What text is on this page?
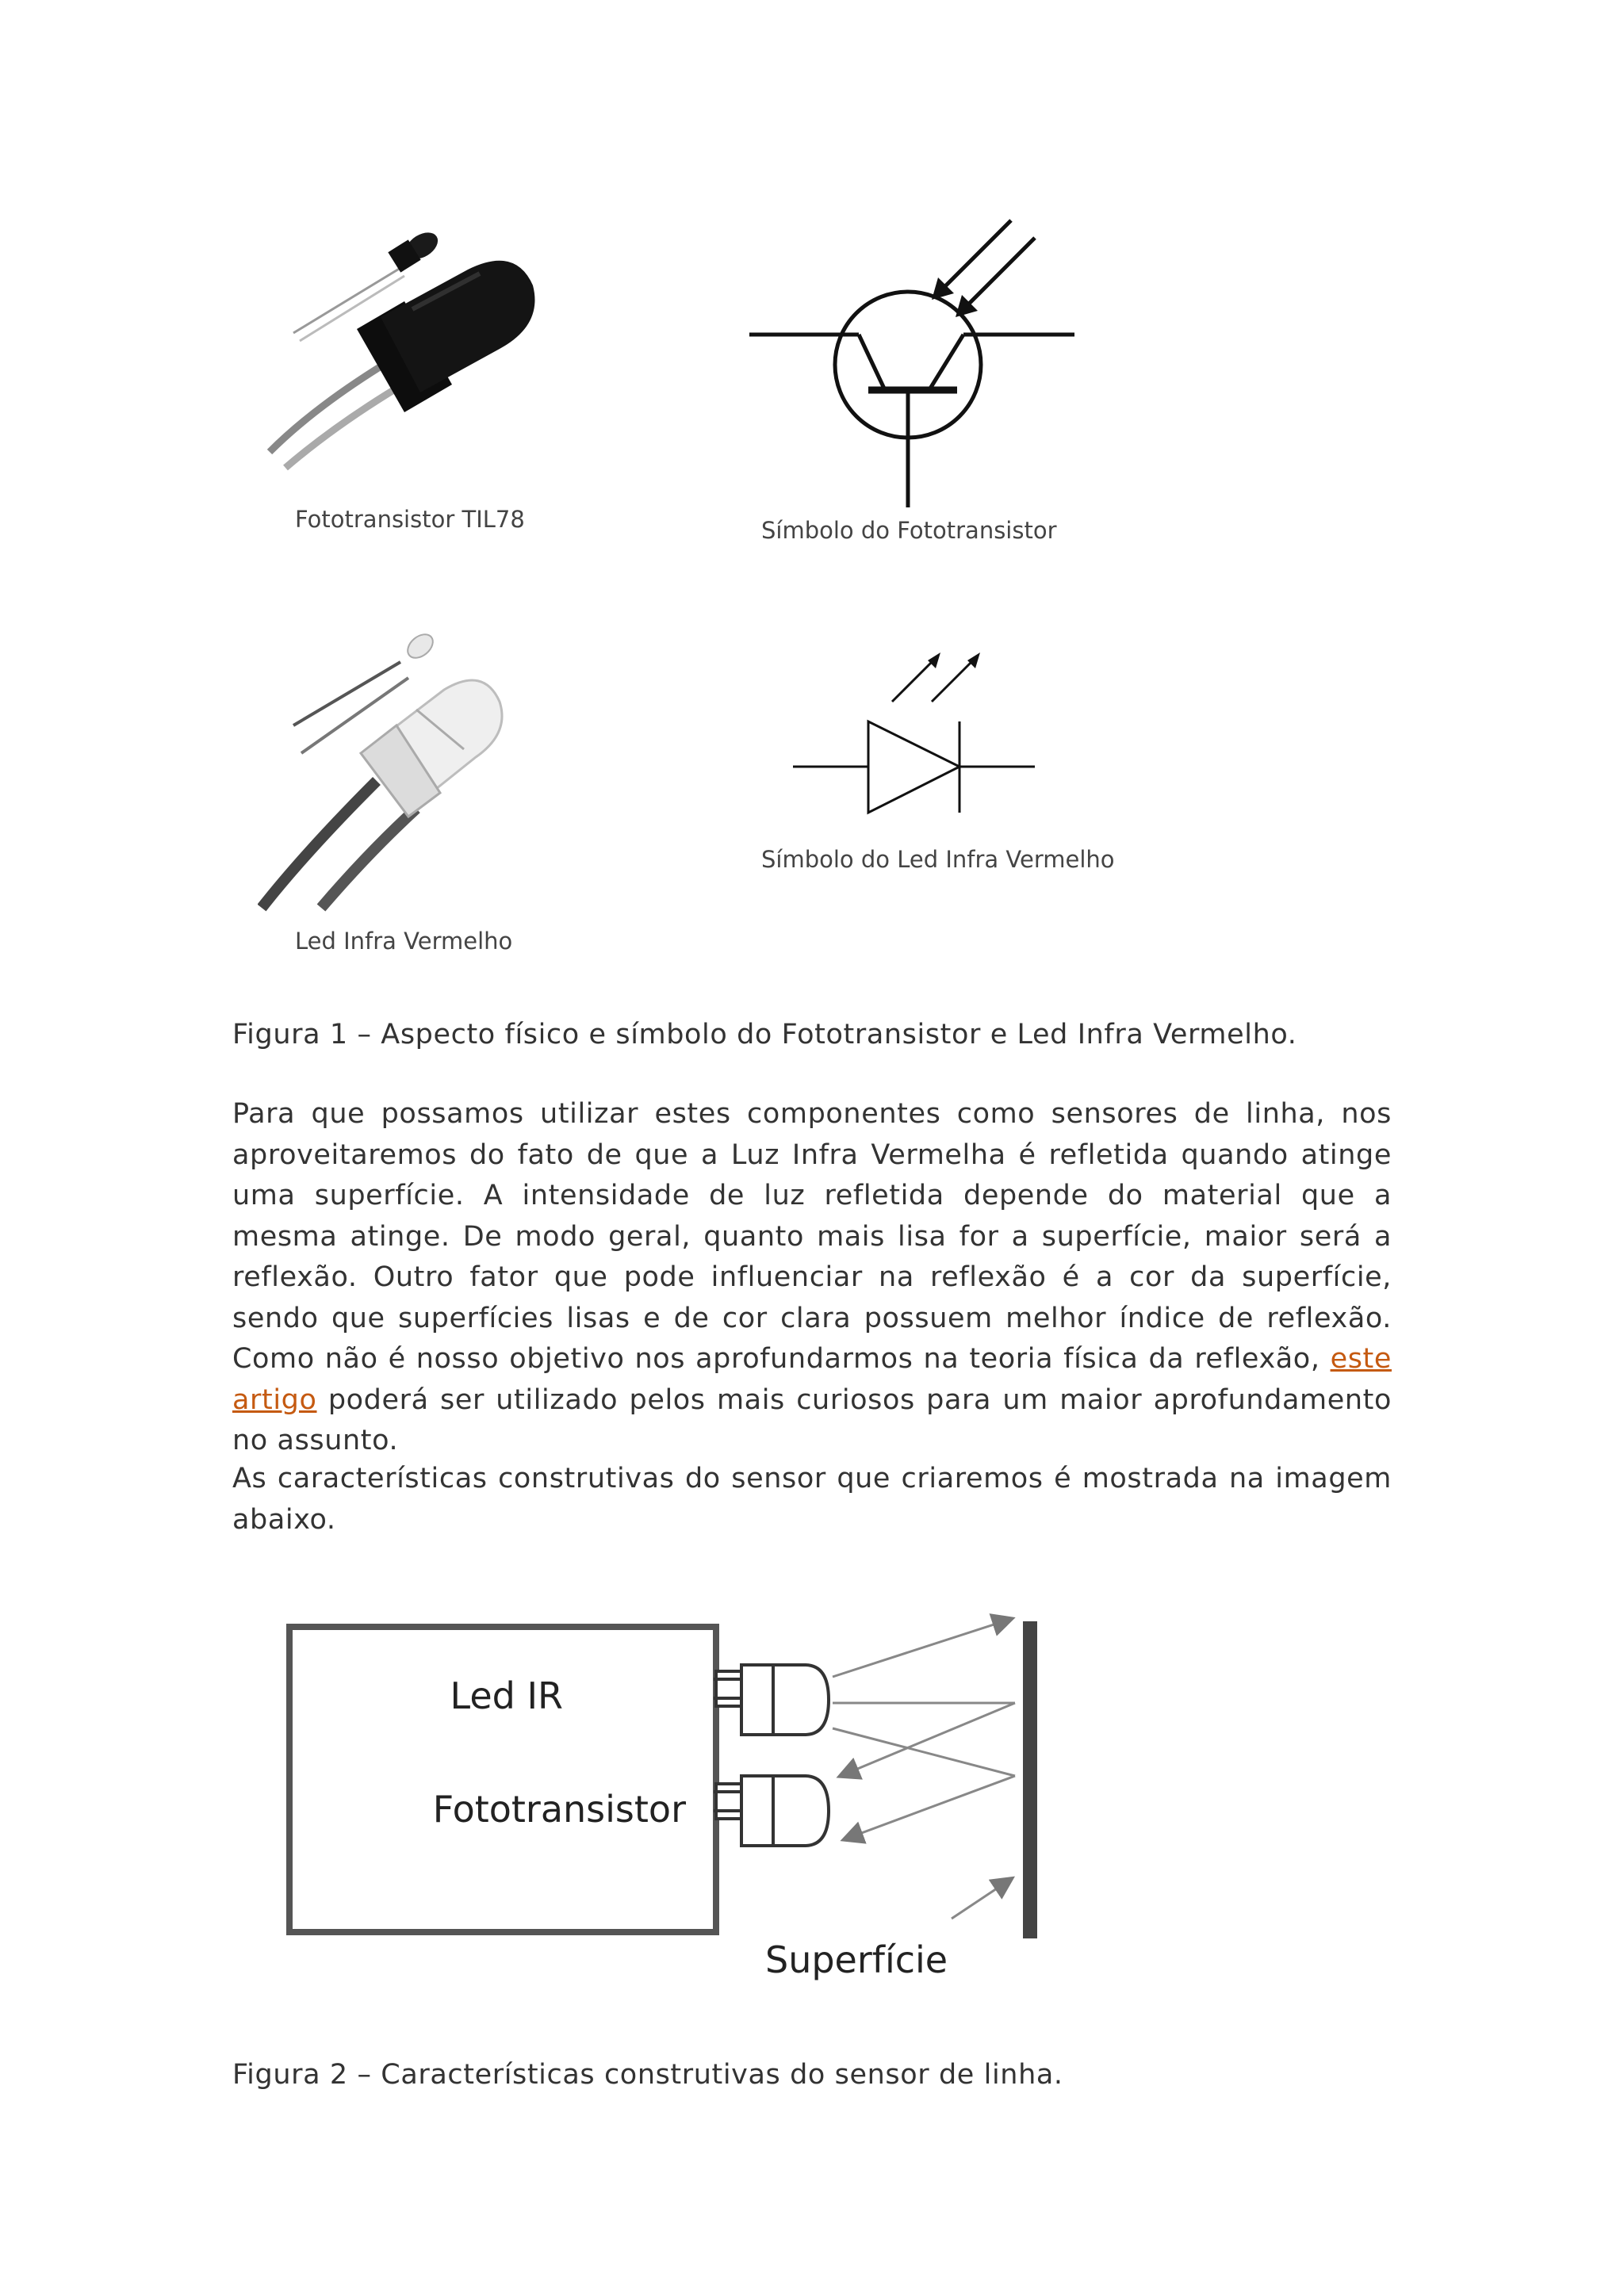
Fototransistor TIL78	Símbolo do Fototransistor
Led Infra Vermelho
Símbolo do Led Infra Vermelho
Figura 1 – Aspecto físico e símbolo do Fototransistor e Led Infra Vermelho.
Para que possamos utilizar estes componentes como sensores de linha, nos aproveitaremos do fato de que a Luz Infra Vermelha é refletida quando atinge uma superfície. A intensidade de luz refletida depende do material que a mesma atinge. De modo geral, quanto mais lisa for a superfície, maior será a reflexão. Outro fator que pode influenciar na reflexão é a cor da superfície, sendo que superfícies lisas e de cor clara possuem melhor índice de reflexão. Como não é nosso objetivo nos aprofundarmos na teoria física da reflexão, este artigo poderá ser utilizado pelos mais curiosos para um maior aprofundamento no assunto.
As características construtivas do sensor que criaremos é mostrada na imagem abaixo.
Led IR
Fototransistor
Superfície
Figura 2 – Características construtivas do sensor de linha.
